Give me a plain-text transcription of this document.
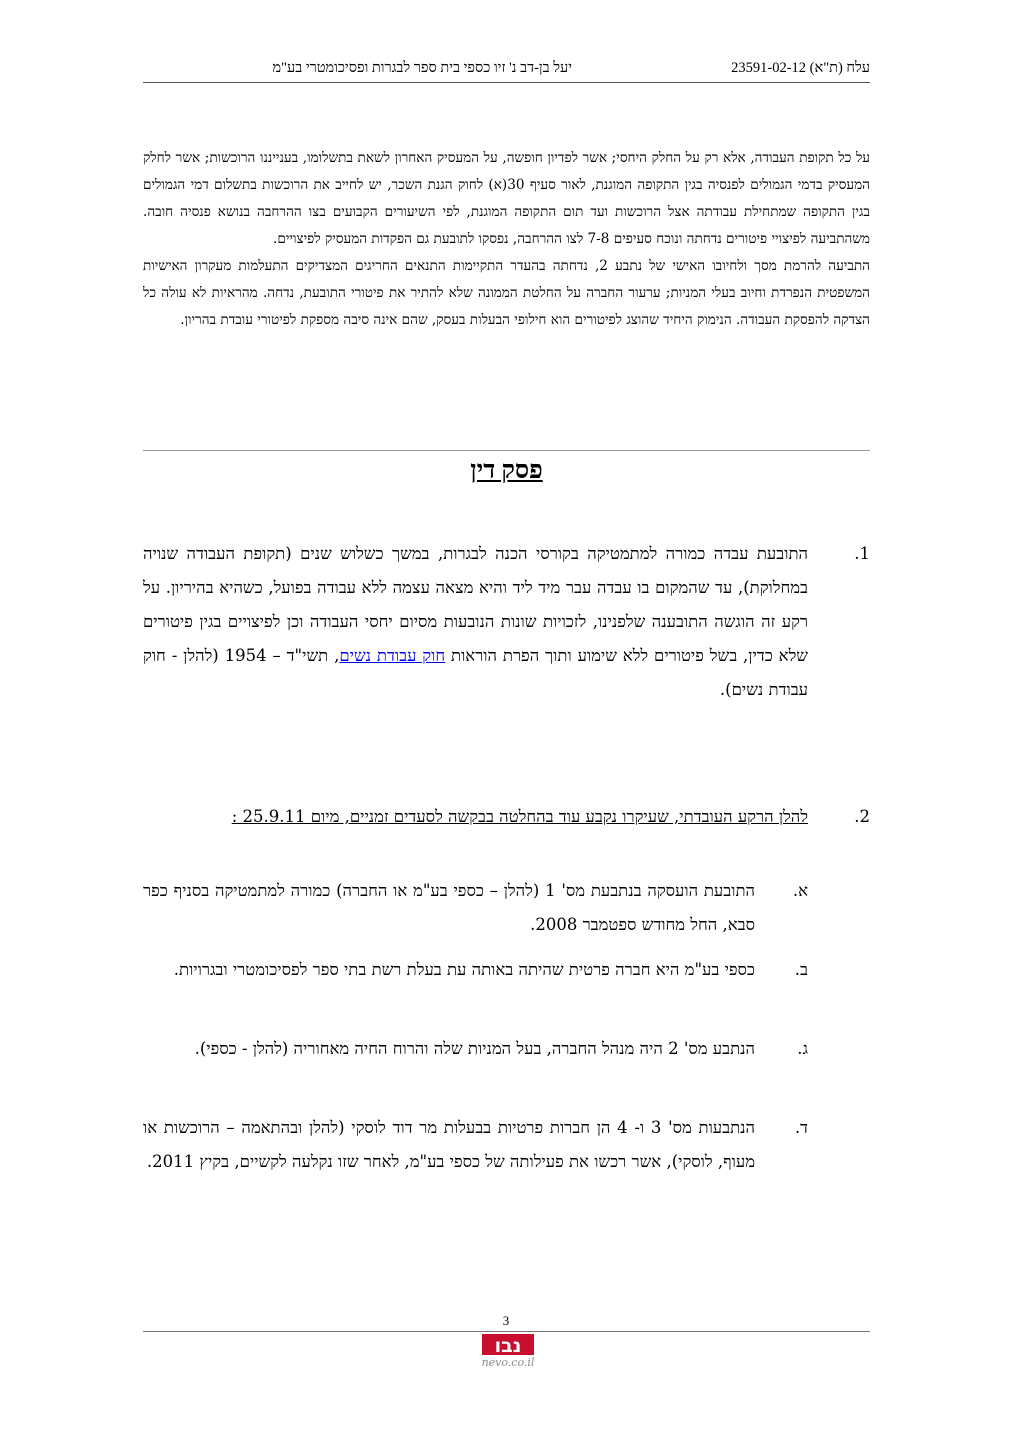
עלח (ת"א) 23591-02-12
יעל בן-דב נ' זיו כספי בית ספר לבגרות ופסיכומטרי בע"מ

על כל תקופת העבודה, אלא רק על החלק היחסי; אשר לפדיון חופשה, על המעסיק האחרון לשאת בתשלומו, בענייננו הרוכשות; אשר לחלק המעסיק בדמי הגמולים לפנסיה בגין התקופה המוגנת, לאור סעיף 30(א) לחוק הגנת השכר, יש לחייב את הרוכשות בתשלום דמי הגמולים בגין התקופה שמתחילת עבודתה אצל הרוכשות ועד תום התקופה המוגנת, לפי השיעורים הקבועים בצו ההרחבה בנושא פנסיה חובה. משהתביעה לפיצויי פיטורים נדחתה ונוכח סעיפים 7-8 לצו ההרחבה, נפסקו לתובעת גם הפקדות המעסיק לפיצויים.

התביעה להרמת מסך ולחיובו האישי של נתבע 2, נדחתה בהעדר התקיימות התנאים החריגים המצדיקים התעלמות מעקרון האישיות המשפטית הנפרדת וחיוב בעלי המניות; ערעור החברה על החלטת הממונה שלא להתיר את פיטורי התובעת, נדחה. מהראיות לא עולה כל הצדקה להפסקת העבודה. הנימוק היחיד שהוצג לפיטורים הוא חילופי הבעלות בעסק, שהם אינה סיבה מספקת לפיטורי עובדת בהריון.

פסק דין
1.
התובעת עבדה כמורה למתמטיקה בקורסי הכנה לבגרות, במשך כשלוש שנים (תקופת העבודה שנויה במחלוקת), עד שהמקום בו עבדה עבר מיד ליד והיא מצאה עצמה ללא עבודה בפועל, כשהיא בהיריון. על רקע זה הוגשה התובענה שלפנינו, לזכויות שונות הנובעות מסיום יחסי העבודה וכן לפיצויים בגין פיטורים שלא כדין, בשל פיטורים ללא שימוע ותוך הפרת הוראות חוק עבודת נשים, תשי"ד – 1954 (להלן - חוק עבודת נשים).
2.
להלן הרקע העובדתי, שעיקרו נקבע עוד בהחלטה בבקשה לסעדים זמניים, מיום 25.9.11 :
א.
התובעת הועסקה בנתבעת מס' 1 (להלן – כספי בע"מ או החברה) כמורה למתמטיקה בסניף כפר סבא, החל מחודש ספטמבר 2008.
ב.
כספי בע"מ היא חברה פרטית שהיתה באותה עת בעלת רשת בתי ספר לפסיכומטרי ובגרויות.
ג.
הנתבע מס' 2 היה מנהל החברה, בעל המניות שלה והרוח החיה מאחוריה (להלן - כספי).
ד.
הנתבעות מס' 3 ו- 4 הן חברות פרטיות בבעלות מר דוד לוסקי (להלן ובהתאמה – הרוכשות או מעוף, לוסקי), אשר רכשו את פעילותה של כספי בע"מ, לאחר שזו נקלעה לקשיים, בקיץ 2011.
3
נבו
nevo.co.il
